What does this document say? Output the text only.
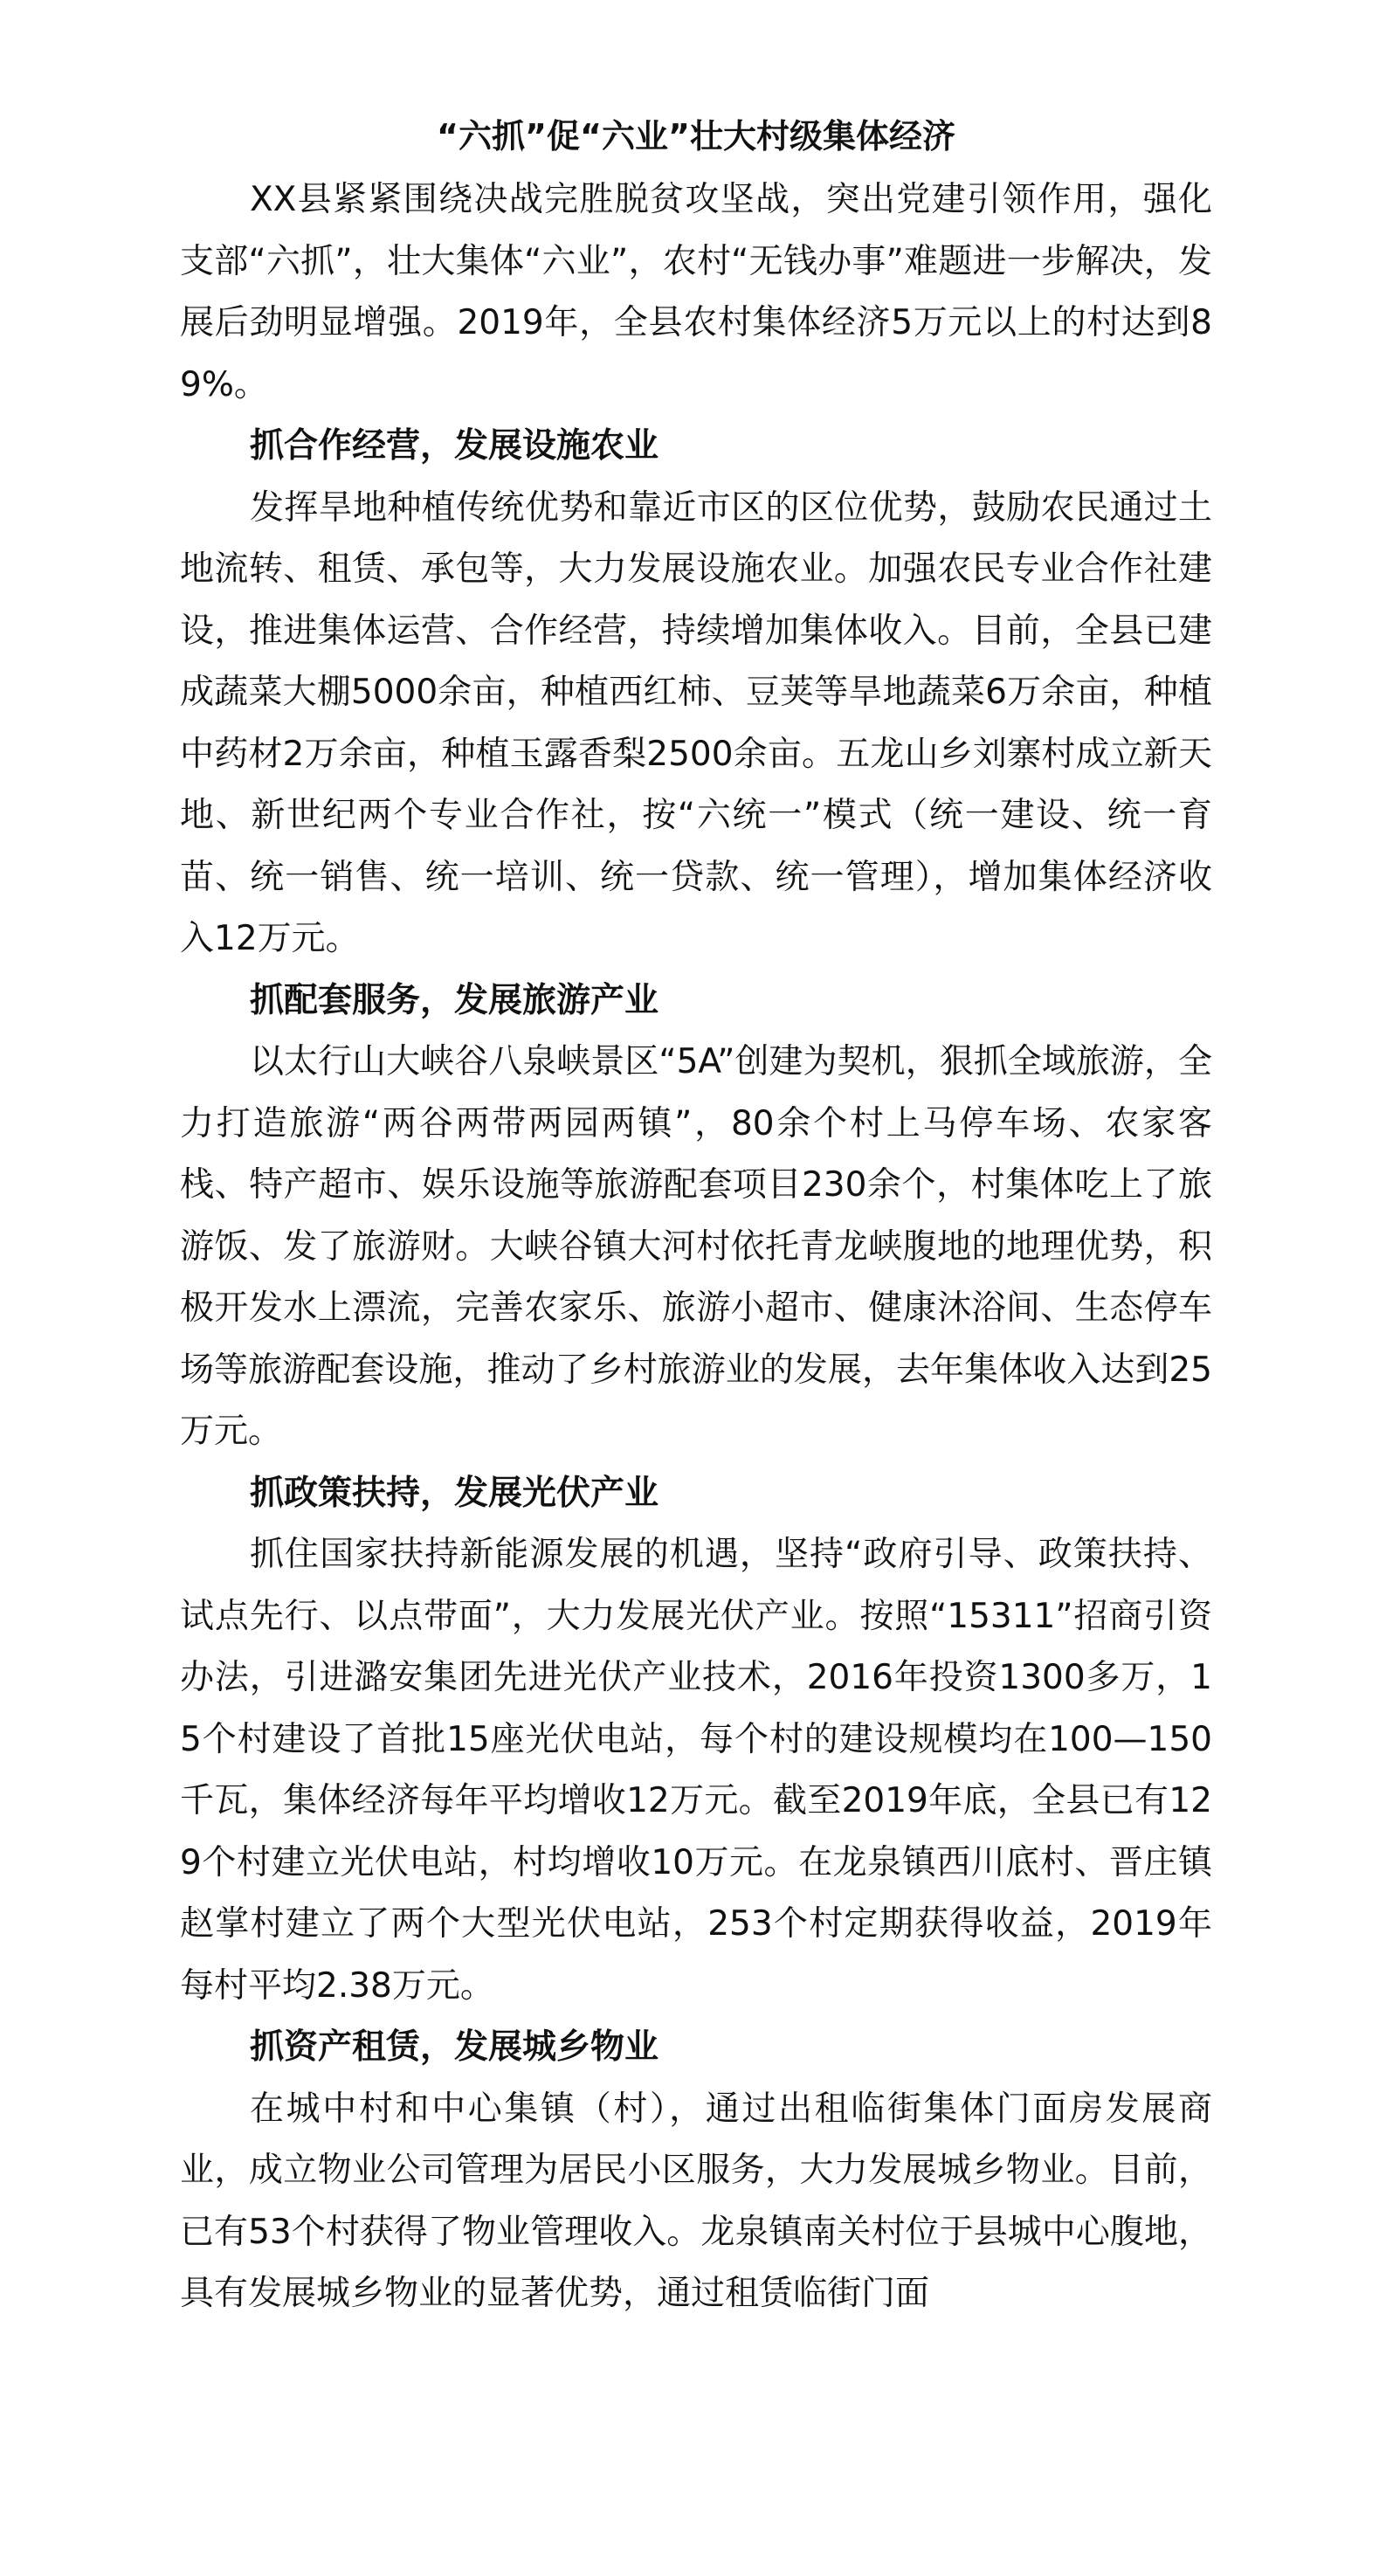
“六抓”促“六业”壮大村级集体经济

XX县紧紧围绕决战完胜脱贫攻坚战，突出党建引领作用，强化支部“六抓”，壮大集体“六业”，农村“无钱办事”难题进一步解决，发展后劲明显增强。2019年，全县农村集体经济5万元以上的村达到89%。

抓合作经营，发展设施农业

发挥旱地种植传统优势和靠近市区的区位优势，鼓励农民通过土地流转、租赁、承包等，大力发展设施农业。加强农民专业合作社建设，推进集体运营、合作经营，持续增加集体收入。目前，全县已建成蔬菜大棚5000余亩，种植西红柿、豆荚等旱地蔬菜6万余亩，种植中药材2万余亩，种植玉露香梨2500余亩。五龙山乡刘寨村成立新天地、新世纪两个专业合作社，按“六统一”模式（统一建设、统一育苗、统一销售、统一培训、统一贷款、统一管理），增加集体经济收入12万元。

抓配套服务，发展旅游产业

以太行山大峡谷八泉峡景区“5A”创建为契机，狠抓全域旅游，全力打造旅游“两谷两带两园两镇”，80余个村上马停车场、农家客栈、特产超市、娱乐设施等旅游配套项目230余个，村集体吃上了旅游饭、发了旅游财。大峡谷镇大河村依托青龙峡腹地的地理优势，积极开发水上漂流，完善农家乐、旅游小超市、健康沐浴间、生态停车场等旅游配套设施，推动了乡村旅游业的发展，去年集体收入达到25万元。

抓政策扶持，发展光伏产业

抓住国家扶持新能源发展的机遇，坚持“政府引导、政策扶持、试点先行、以点带面”，大力发展光伏产业。按照“15311”招商引资办法，引进潞安集团先进光伏产业技术，2016年投资1300多万，15个村建设了首批15座光伏电站，每个村的建设规模均在100—150千瓦，集体经济每年平均增收12万元。截至2019年底，全县已有129个村建立光伏电站，村均增收10万元。在龙泉镇西川底村、晋庄镇赵掌村建立了两个大型光伏电站，253个村定期获得收益，2019年每村平均2.38万元。

抓资产租赁，发展城乡物业

在城中村和中心集镇（村），通过出租临街集体门面房发展商业，成立物业公司管理为居民小区服务，大力发展城乡物业。目前，已有53个村获得了物业管理收入。龙泉镇南关村位于县城中心腹地，具有发展城乡物业的显著优势，通过租赁临街门面
